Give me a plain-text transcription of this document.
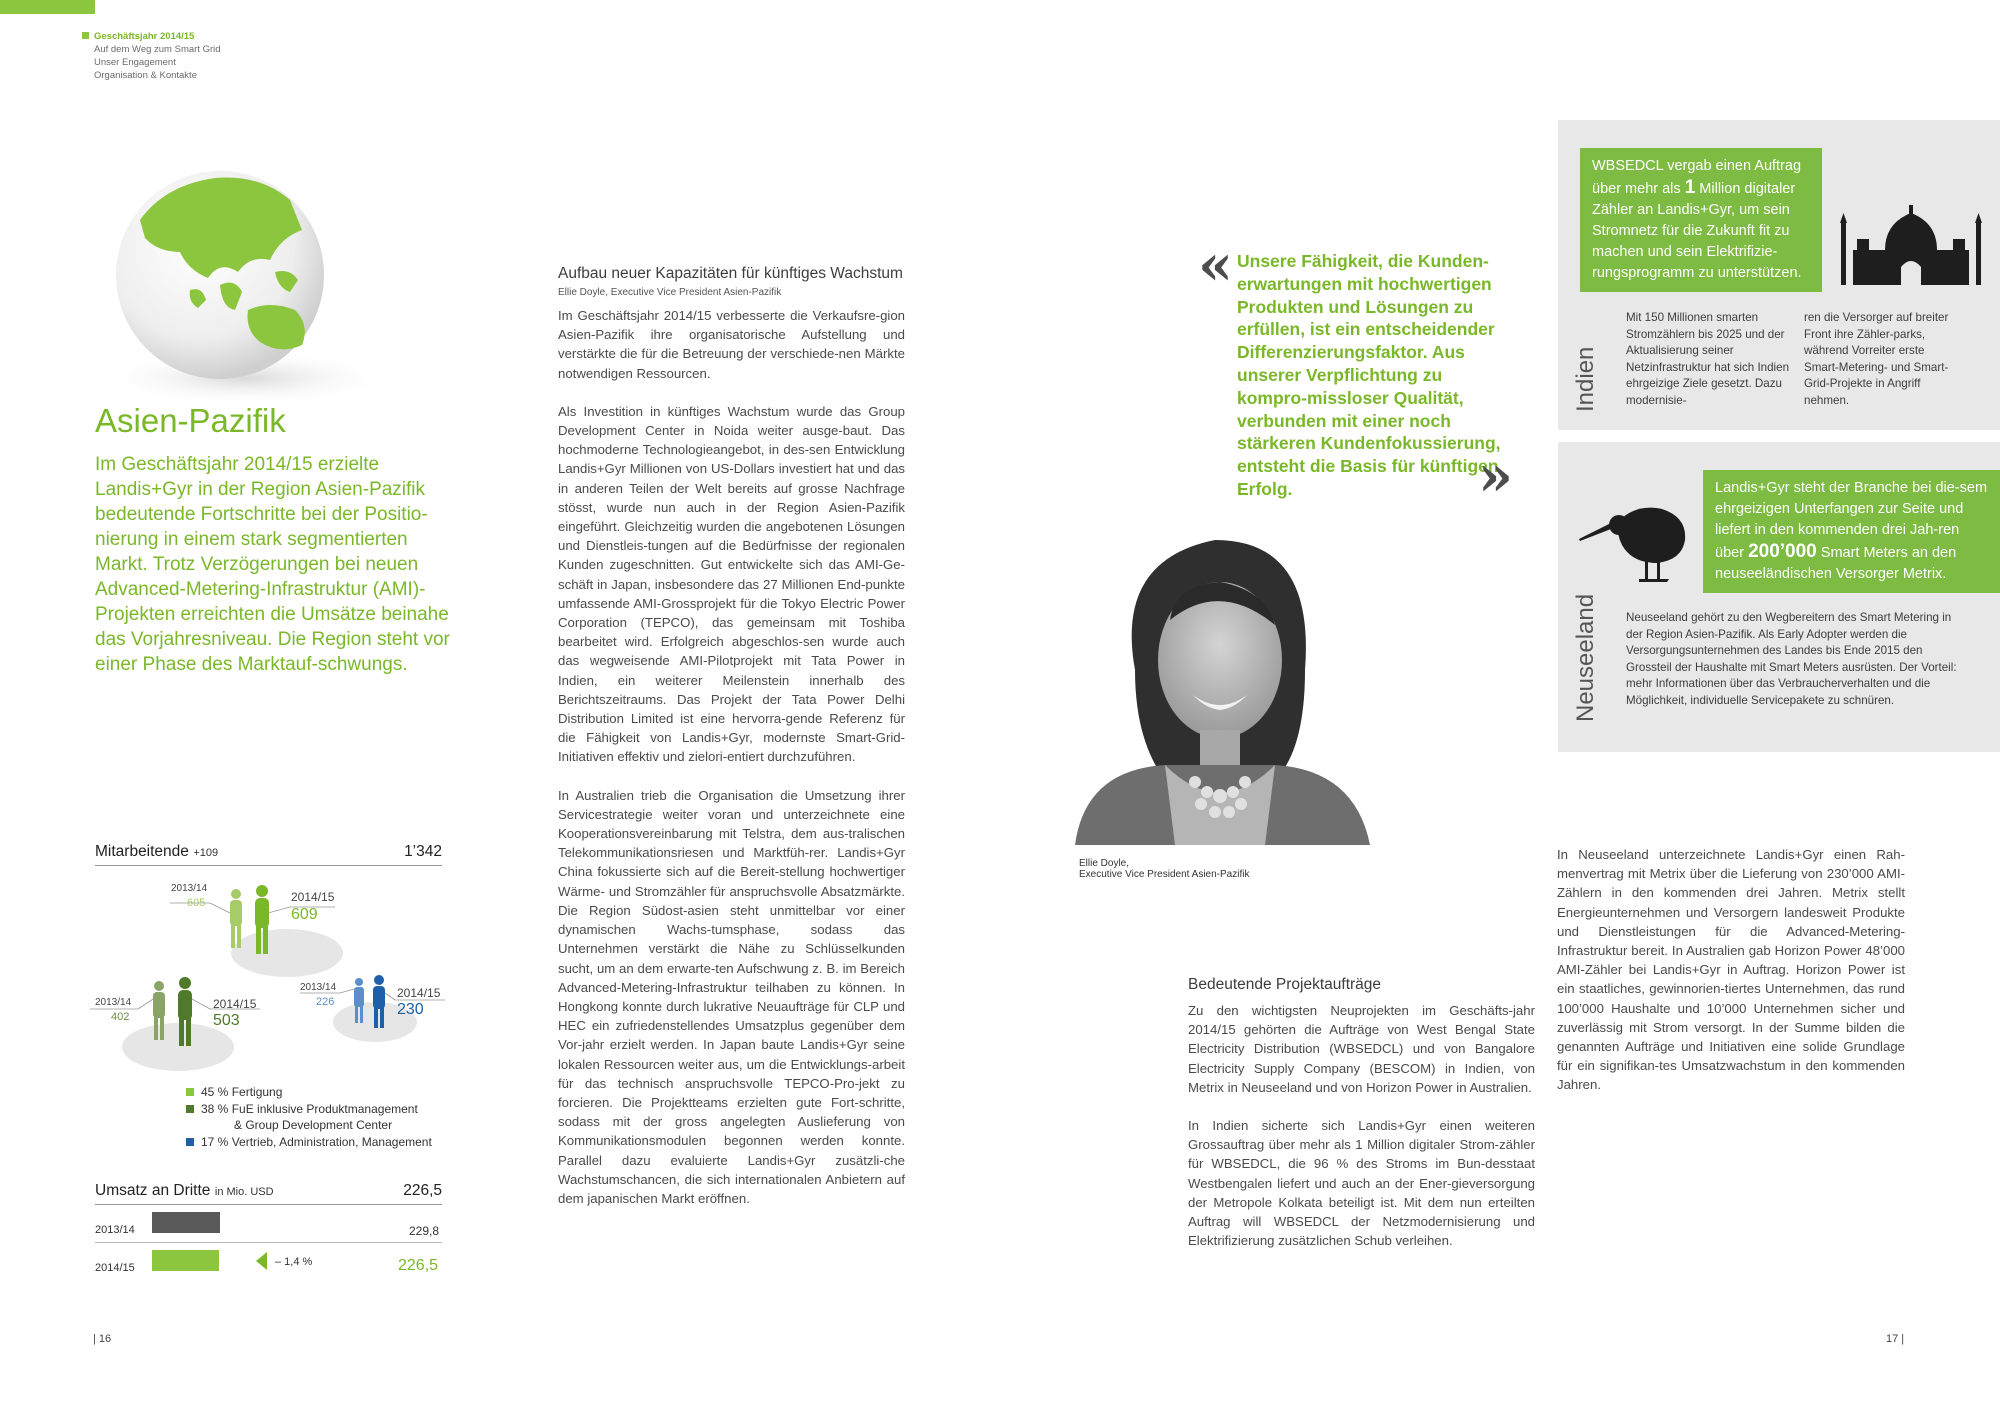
Geschäftsjahr 2014/15
Auf dem Weg zum Smart Grid
Unser Engagement
Organisation & Kontakte
Asien-Pazifik
Im Geschäftsjahr 2014/15 erzielte Landis+Gyr in der Region Asien-Pazifik bedeutende Fortschritte bei der Positio-nierung in einem stark segmentierten Markt. Trotz Verzögerungen bei neuen Advanced-Metering-Infrastruktur (AMI)-Projekten erreichten die Umsätze beinahe das Vorjahresniveau. Die Region steht vor einer Phase des Marktauf-schwungs.
Mitarbeitende +109	1’342
2013/14
605	2014/15
609
2013/14
402
2014/15
503
2013/14
226
2014/15
230
45 % Fertigung
38 % FuE inklusive Produktmanagement
& Group Development Center
17 % Vertrieb, Administration, Management
Umsatz an Dritte in Mio. USD	226,5
2013/14	229,8
2014/15	– 1,4 %	226,5
Aufbau neuer Kapazitäten für künftiges Wachstum
Ellie Doyle, Executive Vice President Asien-Pazifik

Im Geschäftsjahr 2014/15 verbesserte die Verkaufsre-gion Asien-Pazifik ihre organisatorische Aufstellung und verstärkte die für die Betreuung der verschiede-nen Märkte notwendigen Ressourcen.

Als Investition in künftiges Wachstum wurde das Group Development Center in Noida weiter ausge-baut. Das hochmoderne Technologieangebot, in des-sen Entwicklung Landis+Gyr Millionen von US-Dollars investiert hat und das in anderen Teilen der Welt bereits auf grosse Nachfrage stösst, wurde nun auch in der Region Asien-Pazifik eingeführt. Gleichzeitig wurden die angebotenen Lösungen und Dienstleis-tungen auf die Bedürfnisse der regionalen Kunden zugeschnitten. Gut entwickelte sich das AMI-Ge-schäft in Japan, insbesondere das 27 Millionen End-punkte umfassende AMI-Grossprojekt für die Tokyo Electric Power Corporation (TEPCO), das gemeinsam mit Toshiba bearbeitet wird. Erfolgreich abgeschlos-sen wurde auch das wegweisende AMI-Pilotprojekt mit Tata Power in Indien, ein weiterer Meilenstein innerhalb des Berichtszeitraums. Das Projekt der Tata Power Delhi Distribution Limited ist eine hervorra-gende Referenz für die Fähigkeit von Landis+Gyr, modernste Smart-Grid-Initiativen effektiv und zielori-entiert durchzuführen.

In Australien trieb die Organisation die Umsetzung ihrer Servicestrategie weiter voran und unterzeichnete eine Kooperationsvereinbarung mit Telstra, dem aus-tralischen Telekommunikationsriesen und Marktfüh-rer. Landis+Gyr China fokussierte sich auf die Bereit-stellung hochwertiger Wärme- und Stromzähler für anspruchsvolle Absatzmärkte. Die Region Südost-asien steht unmittelbar vor einer dynamischen Wachs-tumsphase, sodass das Unternehmen verstärkt die Nähe zu Schlüsselkunden sucht, um an dem erwarte-ten Aufschwung z. B. im Bereich Advanced-Metering-Infrastruktur teilhaben zu können. In Hongkong konnte durch lukrative Neuaufträge für CLP und HEC ein zufriedenstellendes Umsatzplus gegenüber dem Vor-jahr erzielt werden. In Japan baute Landis+Gyr seine lokalen Ressourcen weiter aus, um die Entwicklungs-arbeit für das technisch anspruchsvolle TEPCO-Pro-jekt zu forcieren. Die Projektteams erzielten gute Fort-schritte, sodass mit der gross angelegten Auslieferung von Kommunikationsmodulen begonnen werden konnte. Parallel dazu evaluierte Landis+Gyr zusätzli-che Wachstumschancen, die sich internationalen Anbietern auf dem japanischen Markt eröffnen.

« Unsere Fähigkeit, die Kunden-erwartungen mit hochwertigen Produkten und Lösungen zu erfüllen, ist ein entscheidender Differenzierungsfaktor. Aus unserer Verpflichtung zu kompro-missloser Qualität, verbunden mit einer noch stärkeren Kundenfokussierung, entsteht die Basis für künftigen Erfolg.	»
Ellie Doyle,
Executive Vice President Asien-Pazifik
Bedeutende Projektaufträge

Zu den wichtigsten Neuprojekten im Geschäfts-jahr 2014/15 gehörten die Aufträge von West Bengal State Electricity Distribution (WBSEDCL) und von Bangalore Electricity Supply Company (BESCOM) in Indien, von Metrix in Neuseeland und von Horizon Power in Australien.

In Indien sicherte sich Landis+Gyr einen weiteren Grossauftrag über mehr als 1 Million digitaler Strom-zähler für WBSEDCL, die 96 % des Stroms im Bun-desstaat Westbengalen liefert und auch an der Ener-gieversorgung der Metropole Kolkata beteiligt ist. Mit dem nun erteilten Auftrag will WBSEDCL der Netzmodernisierung und Elektrifizierung zusätzlichen Schub verleihen.

WBSEDCL vergab einen Auftrag über mehr als 1 Million digitaler Zähler an Landis+Gyr, um sein Stromnetz für die Zukunft fit zu machen und sein Elektrifizie-rungsprogramm zu unterstützen.
Indien
Mit 150 Millionen smarten Stromzählern bis 2025 und der Aktualisierung seiner Netzinfrastruktur hat sich Indien ehrgeizige Ziele gesetzt. Dazu modernisie-
ren die Versorger auf breiter Front ihre Zähler-parks, während Vorreiter erste Smart-Metering- und Smart-Grid-Projekte in Angriff nehmen.
Landis+Gyr steht der Branche bei die-sem ehrgeizigen Unterfangen zur Seite und liefert in den kommenden drei Jah-ren über 200’000 Smart Meters an den neuseeländischen Versorger Metrix.
Neuseeland Neuseeland gehört zu den Wegbereitern des Smart Metering in der Region Asien-Pazifik. Als Early Adopter werden die Versorgungsunternehmen des Landes bis Ende 2015 den Grossteil der Haushalte mit Smart Meters ausrüsten. Der Vorteil: mehr Informationen über das Verbraucherverhalten und die Möglichkeit, individuelle Servicepakete zu schnüren.
In Neuseeland unterzeichnete Landis+Gyr einen Rah-menvertrag mit Metrix über die Lieferung von 230’000 AMI-Zählern in den kommenden drei Jahren. Metrix stellt Energieunternehmen und Versorgern landesweit Produkte und Dienstleistungen für die Advanced-Metering-Infrastruktur bereit. In Australien gab Horizon Power 48’000 AMI-Zähler bei Landis+Gyr in Auftrag. Horizon Power ist ein staatliches, gewinnorien-tiertes Unternehmen, das rund 100’000 Haushalte und 10’000 Unternehmen sicher und zuverlässig mit Strom versorgt. In der Summe bilden die genannten Aufträge und Initiativen eine solide Grundlage für ein signifikan-tes Umsatzwachstum in den kommenden Jahren.
| 16	17 |
